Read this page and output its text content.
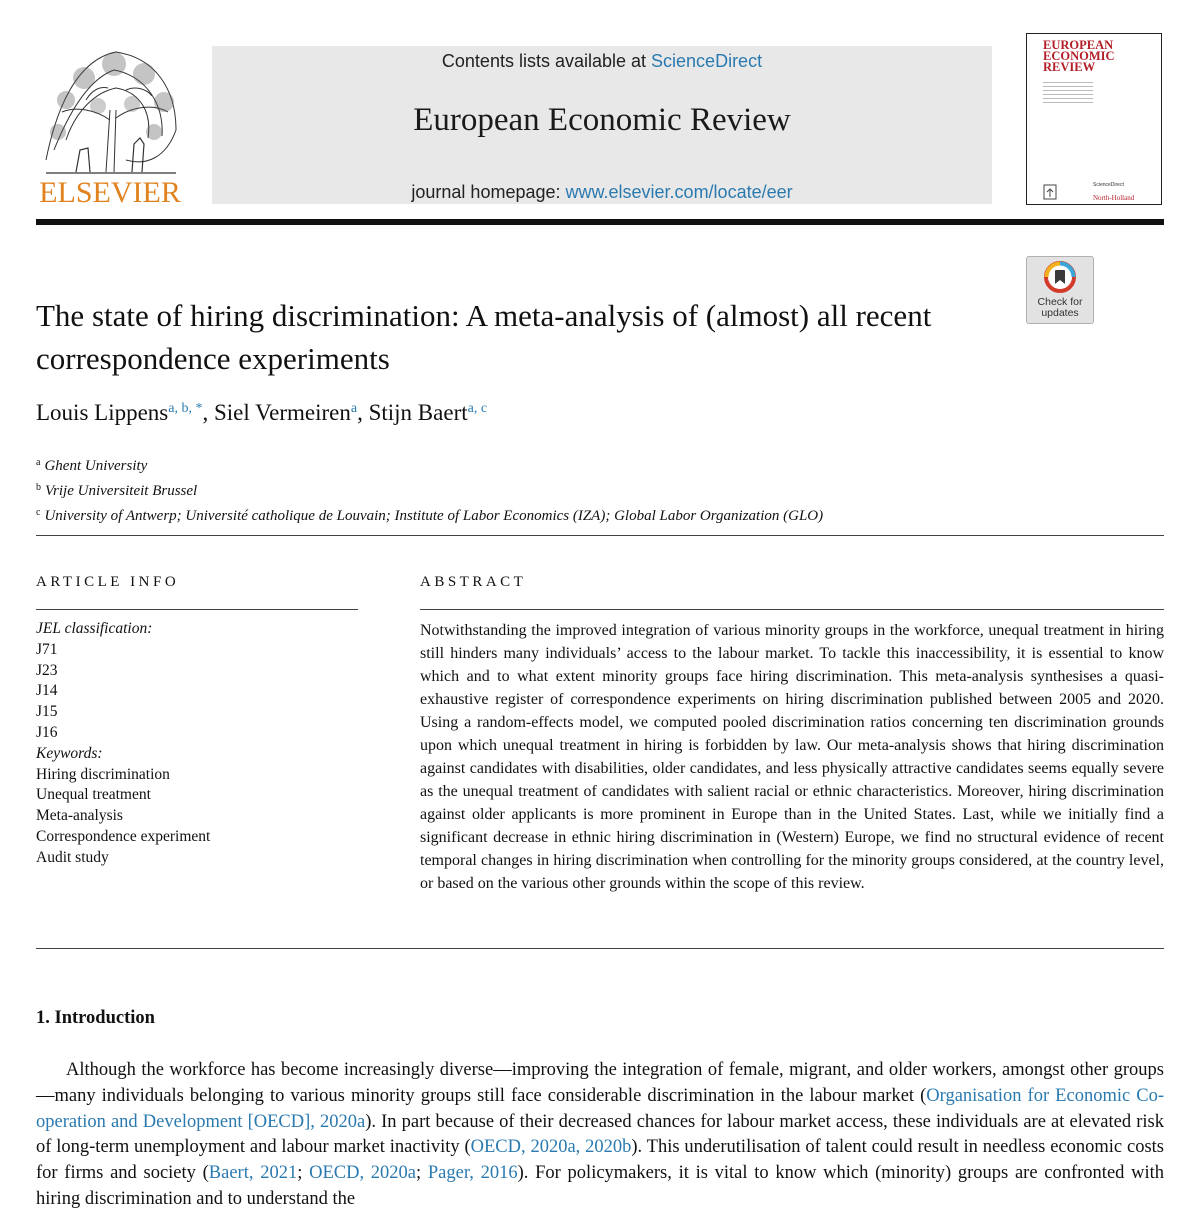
ELSEVIER
Contents lists available at ScienceDirect
European Economic Review
journal homepage: www.elsevier.com/locate/eer
EUROPEAN ECONOMIC REVIEW
ScienceDirect
North-Holland
Check for updates
The state of hiring discrimination: A meta-analysis of (almost) all recent correspondence experiments
Louis Lippens$^{a, b, *}$, Siel Vermeiren$^a$, Stijn Baert$^{a, c}$
$^a$ Ghent University
$^b$ Vrije Universiteit Brussel
$^c$ University of Antwerp; Université catholique de Louvain; Institute of Labor Economics (IZA); Global Labor Organization (GLO)
ARTICLE INFO
JEL classification:
J71
J23
J14
J15
J16
Keywords:
Hiring discrimination
Unequal treatment
Meta-analysis
Correspondence experiment
Audit study
ABSTRACT
Notwithstanding the improved integration of various minority groups in the workforce, unequal treatment in hiring still hinders many individuals’ access to the labour market. To tackle this inaccessibility, it is essential to know which and to what extent minority groups face hiring discrimination. This meta-analysis synthesises a quasi-exhaustive register of correspondence experiments on hiring discrimination published between 2005 and 2020. Using a random-effects model, we computed pooled discrimination ratios concerning ten discrimination grounds upon which unequal treatment in hiring is forbidden by law. Our meta-analysis shows that hiring discrimination against candidates with disabilities, older candidates, and less physically attractive candidates seems equally severe as the unequal treatment of candidates with salient racial or ethnic characteristics. Moreover, hiring discrimination against older applicants is more prominent in Europe than in the United States. Last, while we initially find a significant decrease in ethnic hiring discrimination in (Western) Europe, we find no structural evidence of recent temporal changes in hiring discrimination when controlling for the minority groups considered, at the country level, or based on the various other grounds within the scope of this review.
1. Introduction
Although the workforce has become increasingly diverse—improving the integration of female, migrant, and older workers, amongst other groups—many individuals belonging to various minority groups still face considerable discrimination in the labour market (Organisation for Economic Co-operation and Development [OECD], 2020a). In part because of their decreased chances for labour market access, these individuals are at elevated risk of long-term unemployment and labour market inactivity (OECD, 2020a, 2020b). This underutilisation of talent could result in needless economic costs for firms and society (Baert, 2021; OECD, 2020a; Pager, 2016). For policymakers, it is vital to know which (minority) groups are confronted with hiring discrimination and to understand the
